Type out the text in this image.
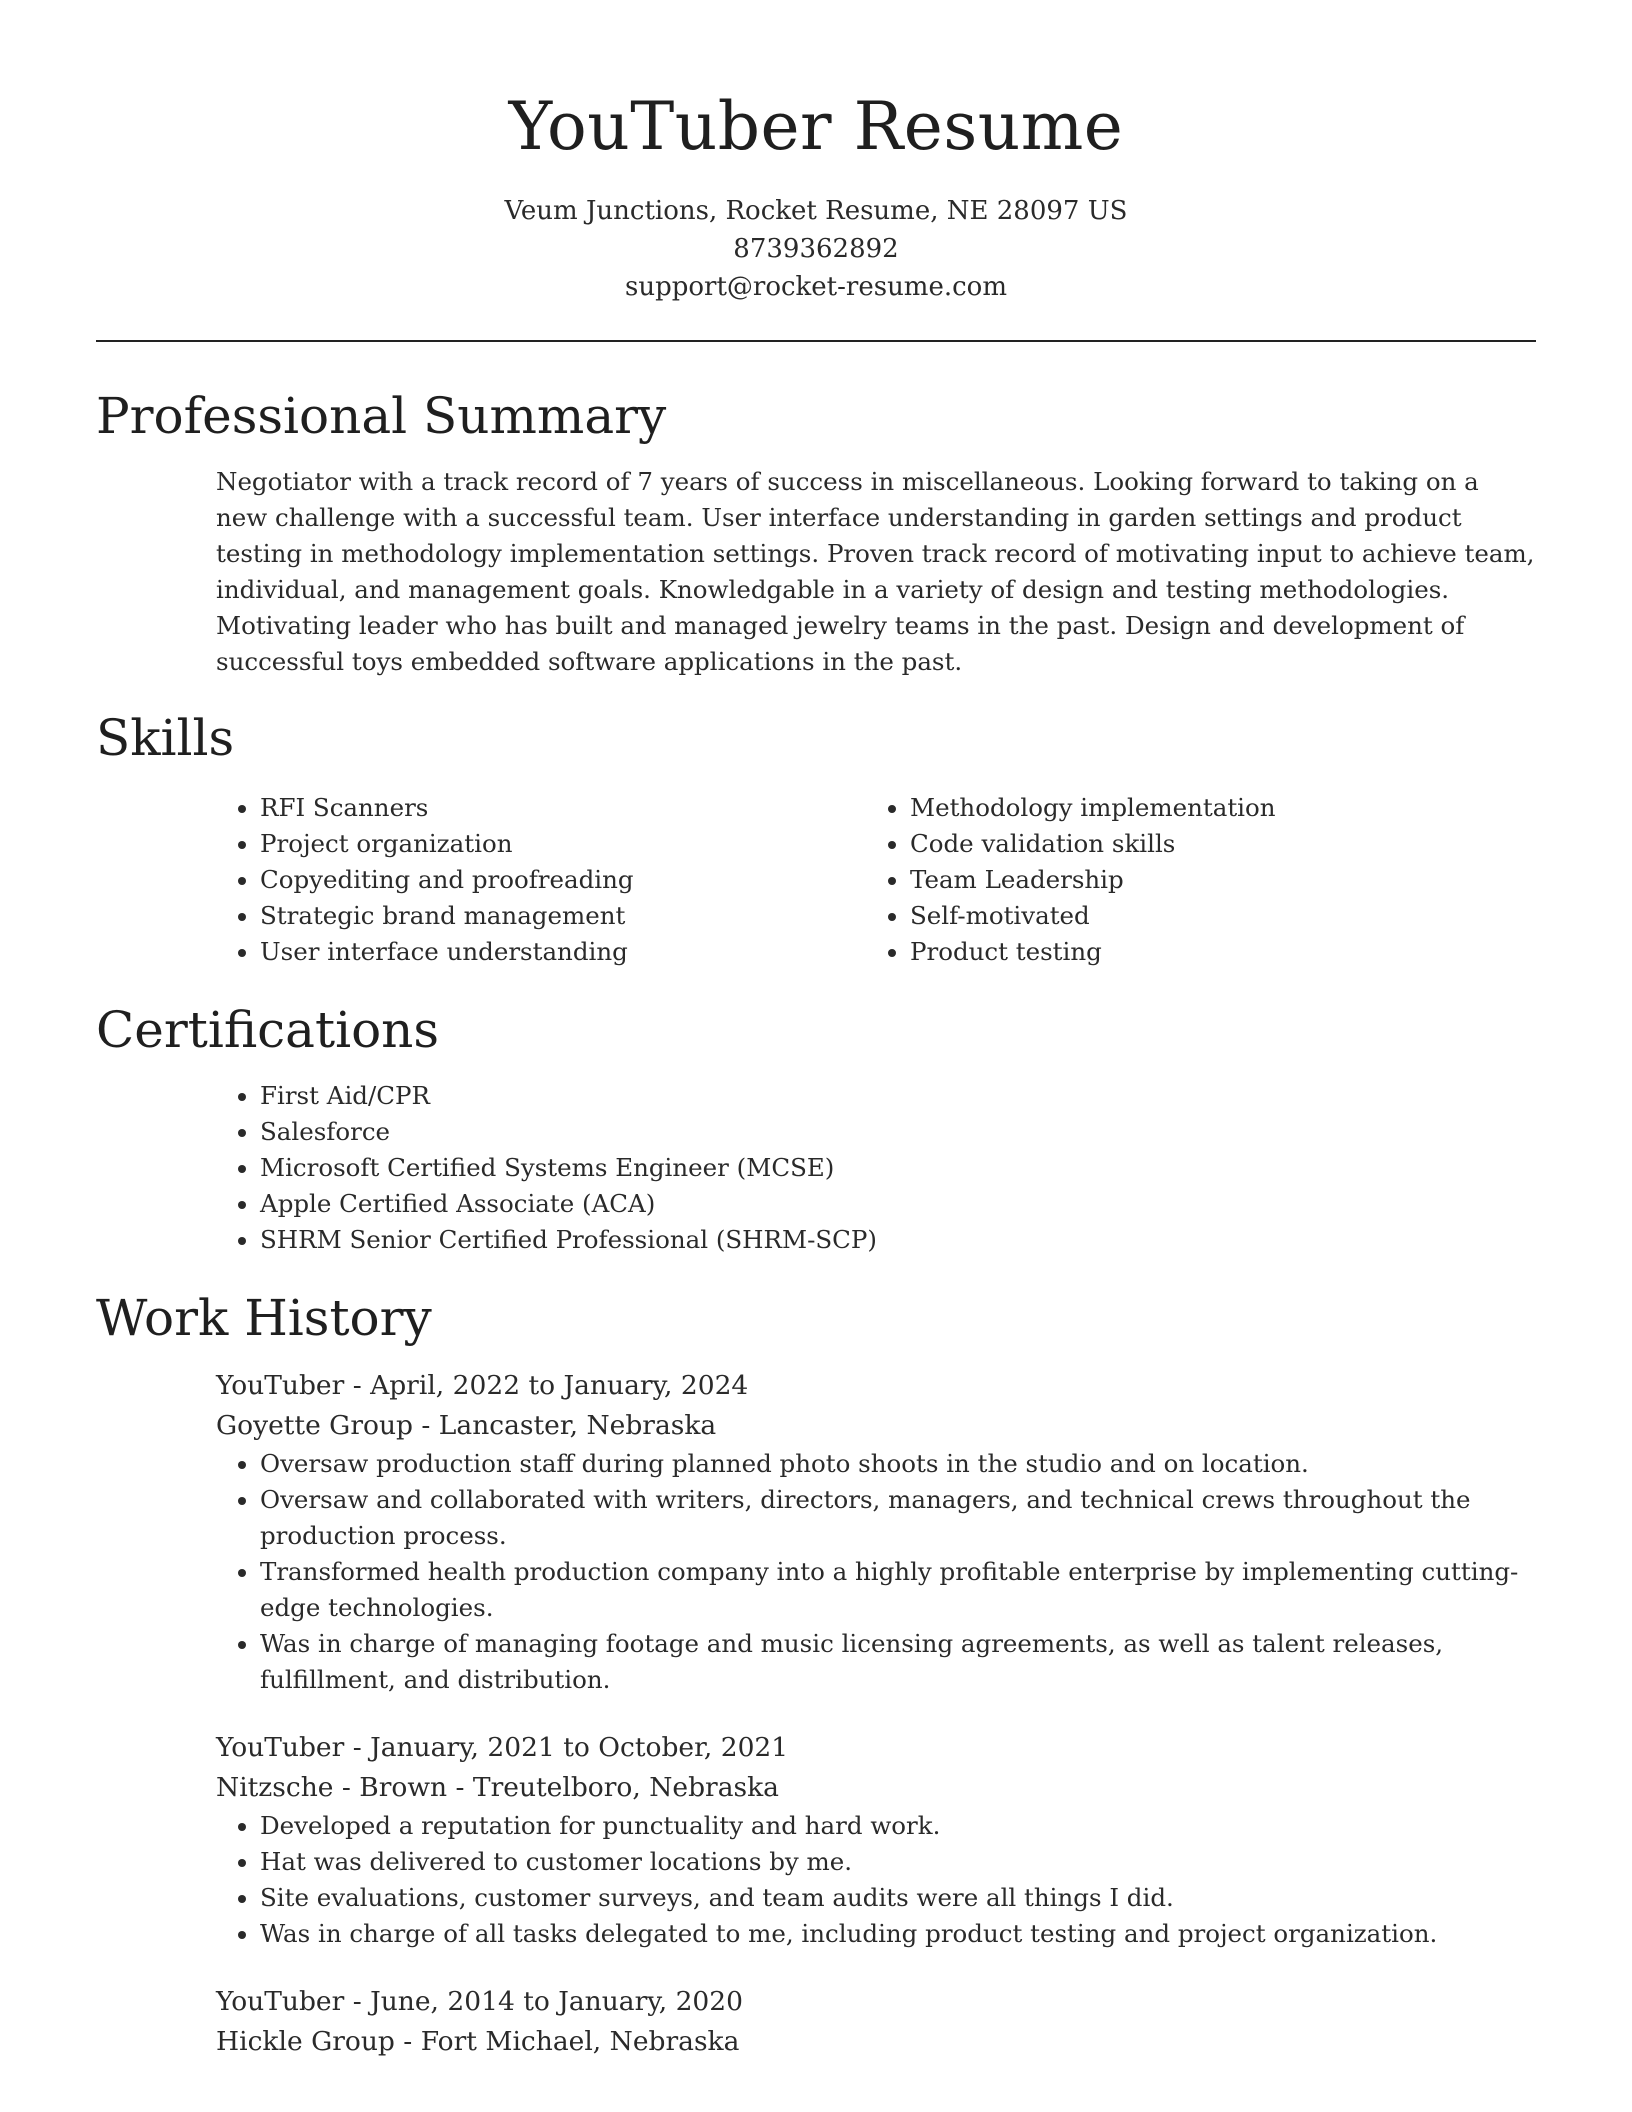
YouTuber Resume
Veum Junctions, Rocket Resume, NE 28097 US
8739362892
support@rocket-resume.com
Professional Summary

Negotiator with a track record of 7 years of success in miscellaneous. Looking forward to taking on a new challenge with a successful team. User interface understanding in garden settings and product testing in methodology implementation settings. Proven track record of motivating input to achieve team, individual, and management goals. Knowledgable in a variety of design and testing methodologies. Motivating leader who has built and managed jewelry teams in the past. Design and development of successful toys embedded software applications in the past.

Skills
• RFI Scanners
• Project organization
• Copyediting and proofreading
• Strategic brand management
• User interface understanding
• Methodology implementation
• Code validation skills
• Team Leadership
• Self-motivated
• Product testing
Certifications
• First Aid/CPR
• Salesforce
• Microsoft Certified Systems Engineer (MCSE)
• Apple Certified Associate (ACA)
• SHRM Senior Certified Professional (SHRM-SCP)
Work History
YouTuber - April, 2022 to January, 2024
Goyette Group - Lancaster, Nebraska
• Oversaw production staff during planned photo shoots in the studio and on location.
• Oversaw and collaborated with writers, directors, managers, and technical crews throughout the production process.
• Transformed health production company into a highly profitable enterprise by implementing cutting-edge technologies.
• Was in charge of managing footage and music licensing agreements, as well as talent releases, fulfillment, and distribution.
YouTuber - January, 2021 to October, 2021
Nitzsche - Brown - Treutelboro, Nebraska
• Developed a reputation for punctuality and hard work.
• Hat was delivered to customer locations by me.
• Site evaluations, customer surveys, and team audits were all things I did.
• Was in charge of all tasks delegated to me, including product testing and project organization.
YouTuber - June, 2014 to January, 2020
Hickle Group - Fort Michael, Nebraska
